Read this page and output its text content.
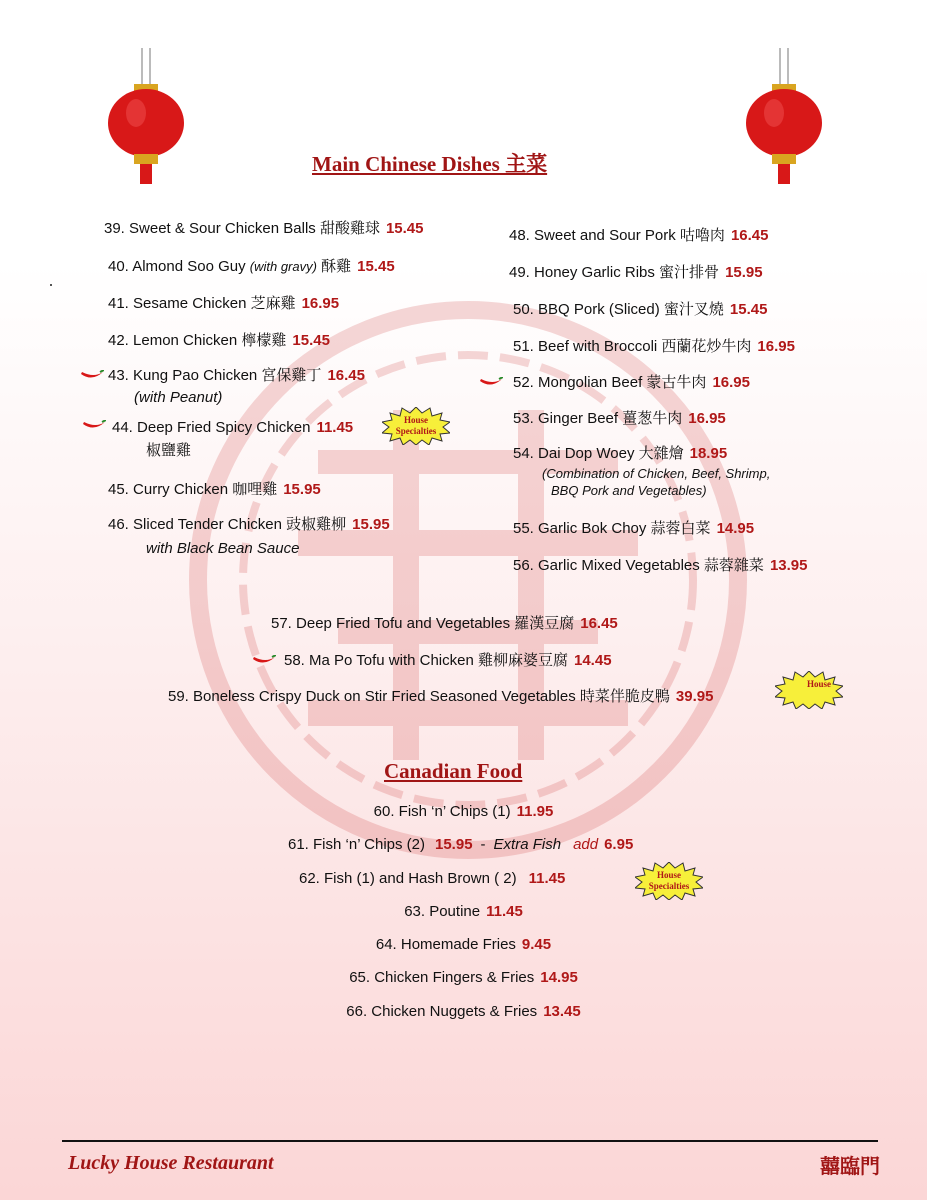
Main Chinese Dishes 主菜
39. Sweet & Sour Chicken Balls 甜酸雞球 15.45
40. Almond Soo Guy (with gravy) 酥雞 15.45
41. Sesame Chicken 芝麻雞 16.95
42. Lemon Chicken 檸檬雞 15.45
43. Kung Pao Chicken 宮保雞丁 16.45
(with Peanut)
44. Deep Fried Spicy Chicken 11.45
椒鹽雞
House
Specialties
45. Curry Chicken 咖哩雞 15.95
46. Sliced Tender Chicken 豉椒雞柳 15.95
with Black Bean Sauce
48. Sweet and Sour Pork 咕嚕肉 16.45
49. Honey Garlic Ribs 蜜汁排骨 15.95
50. BBQ Pork (Sliced) 蜜汁叉燒 15.45
51. Beef with Broccoli 西蘭花炒牛肉 16.95
52. Mongolian Beef 蒙古牛肉 16.95
53. Ginger Beef 薑葱牛肉 16.95
54. Dai Dop Woey 大雜燴 18.95
(Combination of Chicken, Beef, Shrimp,
BBQ Pork and Vegetables)
55. Garlic Bok Choy 蒜蓉白菜 14.95
56. Garlic Mixed Vegetables 蒜蓉雜菜 13.95
57. Deep Fried Tofu and Vegetables 羅漢豆腐 16.45
58. Ma Po Tofu with Chicken 雞柳麻婆豆腐 14.45
59. Boneless Crispy Duck on Stir Fried Seasoned Vegetables 時菜伴脆皮鴨 39.95
House
Canadian Food
60. Fish ‘n’ Chips (1) 11.95
61. Fish ‘n’ Chips (2) 15.95 - Extra Fish add 6.95
62. Fish (1) and Hash Brown ( 2) 11.45	House
Specialties
63. Poutine 11.45
64. Homemade Fries 9.45
65. Chicken Fingers & Fries 14.95
66. Chicken Nuggets & Fries 13.45
Lucky House Restaurant	囍臨門
